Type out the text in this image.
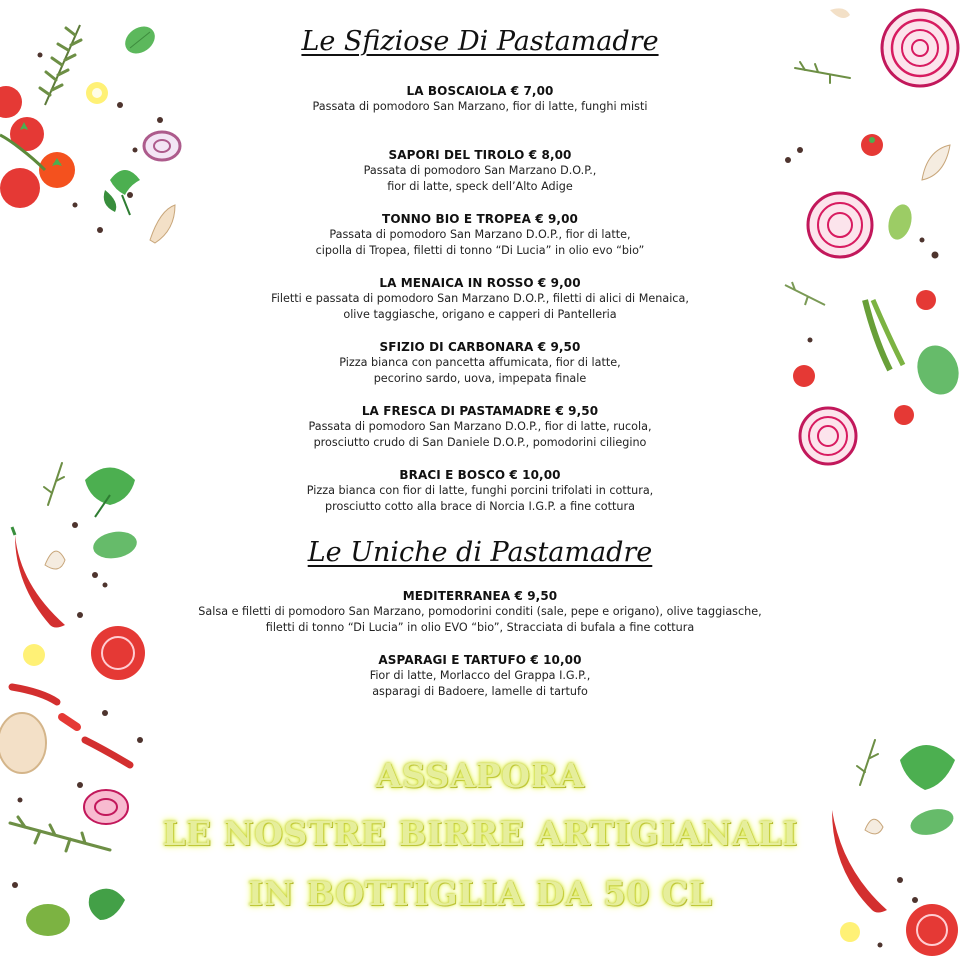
Le Sfiziose Di Pastamadre
LA BOSCAIOLA € 7,00
Passata di pomodoro San Marzano, fior di latte, funghi misti
SAPORI DEL TIROLO € 8,00
Passata di pomodoro San Marzano D.O.P.,
fior di latte, speck dell’Alto Adige
TONNO BIO E TROPEA € 9,00
Passata di pomodoro San Marzano D.O.P., fior di latte,
cipolla di Tropea, filetti di tonno “Di Lucia” in olio evo “bio”
LA MENAICA IN ROSSO € 9,00
Filetti e passata di pomodoro San Marzano D.O.P., filetti di alici di Menaica,
olive taggiasche, origano e capperi di Pantelleria
SFIZIO DI CARBONARA € 9,50
Pizza bianca con pancetta affumicata, fior di latte,
pecorino sardo, uova, impepata finale
LA FRESCA DI PASTAMADRE € 9,50
Passata di pomodoro San Marzano D.O.P., fior di latte, rucola,
prosciutto crudo di San Daniele D.O.P., pomodorini ciliegino
BRACI E BOSCO € 10,00
Pizza bianca con fior di latte, funghi porcini trifolati in cottura,
prosciutto cotto alla brace di Norcia I.G.P. a fine cottura
Le Uniche di Pastamadre
MEDITERRANEA € 9,50
Salsa e filetti di pomodoro San Marzano, pomodorini conditi (sale, pepe e origano), olive taggiasche,
filetti di tonno “Di Lucia” in olio EVO “bio”, Stracciata di bufala a fine cottura
ASPARAGI E TARTUFO € 10,00
Fior di latte, Morlacco del Grappa I.G.P.,
asparagi di Badoere, lamelle di tartufo
ASSAPORA
LE NOSTRE BIRRE ARTIGIANALI
IN BOTTIGLIA DA 50 CL
